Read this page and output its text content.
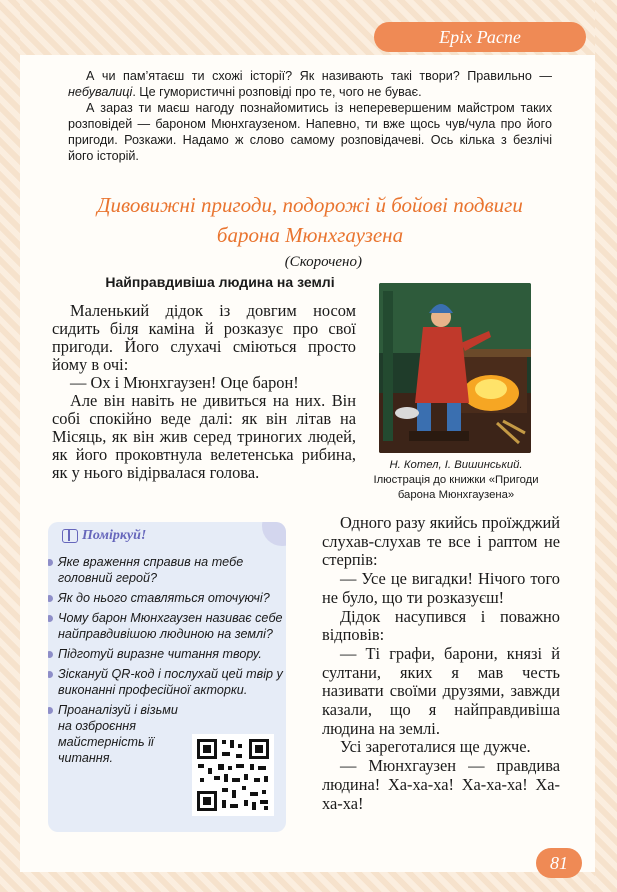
Еріх Распе

А чи пам’ятаєш ти схожі історії? Як називають такі твори? Правильно — небувалиці. Це гумористичні розповіді про те, чого не буває.

А зараз ти маєш нагоду познайомитись із неперевершеним майстром таких розповідей — бароном Мюнхгаузеном. Напевно, ти вже щось чув/чула про його пригоди. Розкажи. Надамо ж слово самому розповідачеві. Ось кілька з безлічі його історій.

Дивовижні пригоди, подорожі й бойові подвиги
барона Мюнхгаузена
(Скорочено)
Найправдивіша людина на землі

Маленький дідок із довгим носом сидить біля каміна й розказує про свої пригоди. Його слухачі сміються просто йому в очі:

— Ох і Мюнхгаузен! Оце барон!

Але він навіть не дивиться на них. Він собі спокійно веде далі: як він літав на Місяць, як він жив серед триногих людей, як його проковтнула велетенська рибина, як у нього відірвалася голова.	Н. Котел, І. Вишинський.
Ілюстрація до книжки «Пригоди барона Мюнхгаузена»
Поміркуй!
Яке враження справив на тебе головний герой?
Як до нього ставляться оточуючі?
Чому барон Мюнхгаузен називає себе найправдивішою людиною на землі?
Підготуй виразне читання твору.
Зіскануй QR-код і послухай цей твір у виконанні професійної акторки.
Проаналізуй і візьми на озброєння майстерність її читання.

Одного разу якийсь проїжджий слухав-слухав те все і раптом не стерпів:

— Усе це вигадки! Нічого того не було, що ти розказуєш!

Дідок насупився і поважно відповів:

— Ті графи, барони, князі й султани, яких я мав честь називати своїми друзями, завжди казали, що я найправдивіша людина на землі.

Усі зареготалися ще дужче.

— Мюнхгаузен — правдива людина! Ха-ха-ха! Ха-ха-ха! Ха-ха-ха!

81
